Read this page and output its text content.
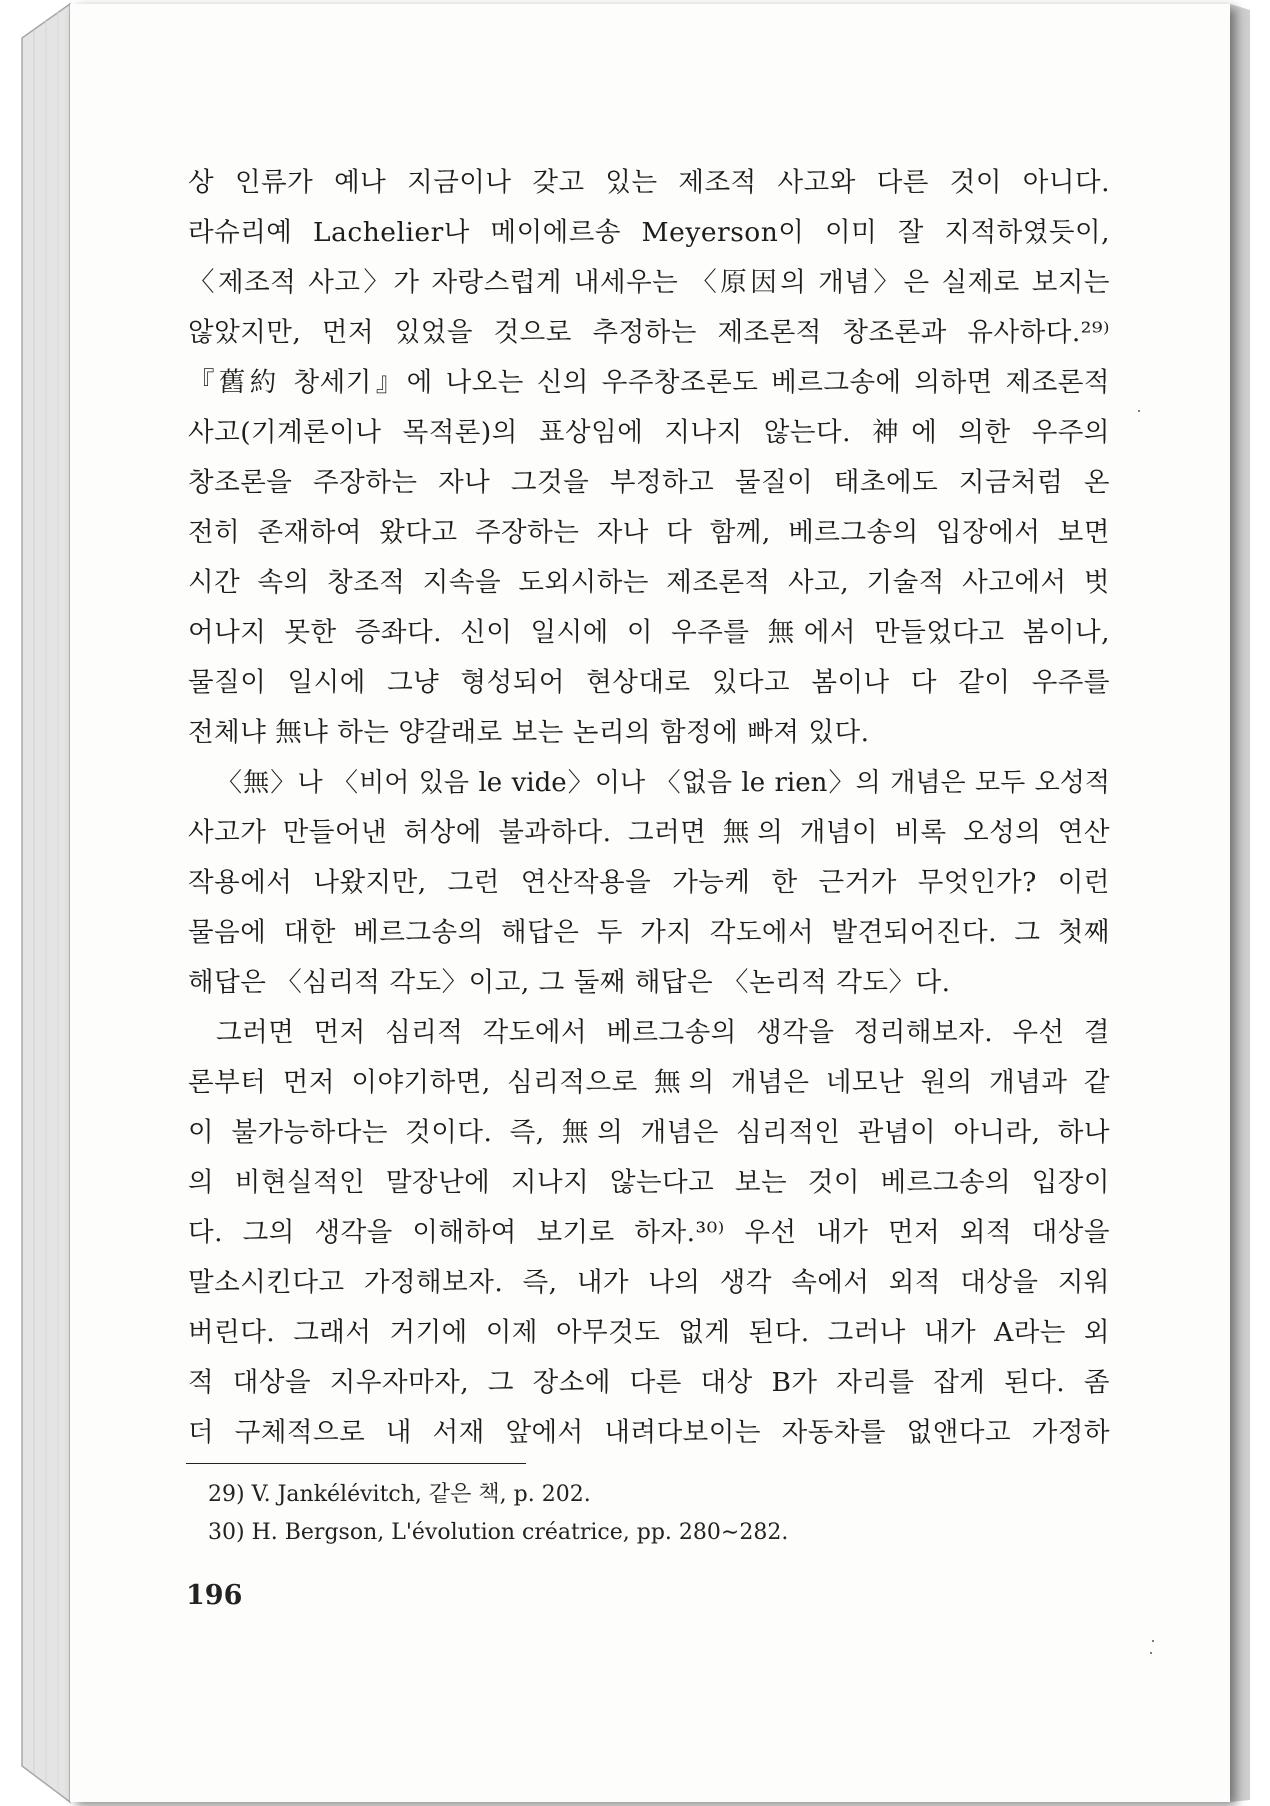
상 인류가 예나 지금이나 갖고 있는 제조적 사고와 다른 것이 아니다.
라슈리예 Lachelier나 메이에르송 Meyerson이 이미 잘 지적하였듯이,
〈제조적 사고〉가 자랑스럽게 내세우는 〈原因의 개념〉은 실제로 보지는
않았지만, 먼저 있었을 것으로 추정하는 제조론적 창조론과 유사하다.²⁹⁾
『舊約 창세기』에 나오는 신의 우주창조론도 베르그송에 의하면 제조론적
사고(기계론이나 목적론)의 표상임에 지나지 않는다. 神에 의한 우주의
창조론을 주장하는 자나 그것을 부정하고 물질이 태초에도 지금처럼 온
전히 존재하여 왔다고 주장하는 자나 다 함께, 베르그송의 입장에서 보면
시간 속의 창조적 지속을 도외시하는 제조론적 사고, 기술적 사고에서 벗
어나지 못한 증좌다. 신이 일시에 이 우주를 無에서 만들었다고 봄이나,
물질이 일시에 그냥 형성되어 현상대로 있다고 봄이나 다 같이 우주를
전체냐 無냐 하는 양갈래로 보는 논리의 함정에 빠져 있다.
〈無〉나 〈비어 있음 le vide〉이나 〈없음 le rien〉의 개념은 모두 오성적
사고가 만들어낸 허상에 불과하다. 그러면 無의 개념이 비록 오성의 연산
작용에서 나왔지만, 그런 연산작용을 가능케 한 근거가 무엇인가? 이런
물음에 대한 베르그송의 해답은 두 가지 각도에서 발견되어진다. 그 첫째
해답은 〈심리적 각도〉이고, 그 둘째 해답은 〈논리적 각도〉다.
그러면 먼저 심리적 각도에서 베르그송의 생각을 정리해보자. 우선 결
론부터 먼저 이야기하면, 심리적으로 無의 개념은 네모난 원의 개념과 같
이 불가능하다는 것이다. 즉, 無의 개념은 심리적인 관념이 아니라, 하나
의 비현실적인 말장난에 지나지 않는다고 보는 것이 베르그송의 입장이
다. 그의 생각을 이해하여 보기로 하자.³⁰⁾ 우선 내가 먼저 외적 대상을
말소시킨다고 가정해보자. 즉, 내가 나의 생각 속에서 외적 대상을 지워
버린다. 그래서 거기에 이제 아무것도 없게 된다. 그러나 내가 A라는 외
적 대상을 지우자마자, 그 장소에 다른 대상 B가 자리를 잡게 된다. 좀
더 구체적으로 내 서재 앞에서 내려다보이는 자동차를 없앤다고 가정하
29) V. Jankélévitch, 같은 책, p. 202.
30) H. Bergson, L'évolution créatrice, pp. 280∼282.
196
